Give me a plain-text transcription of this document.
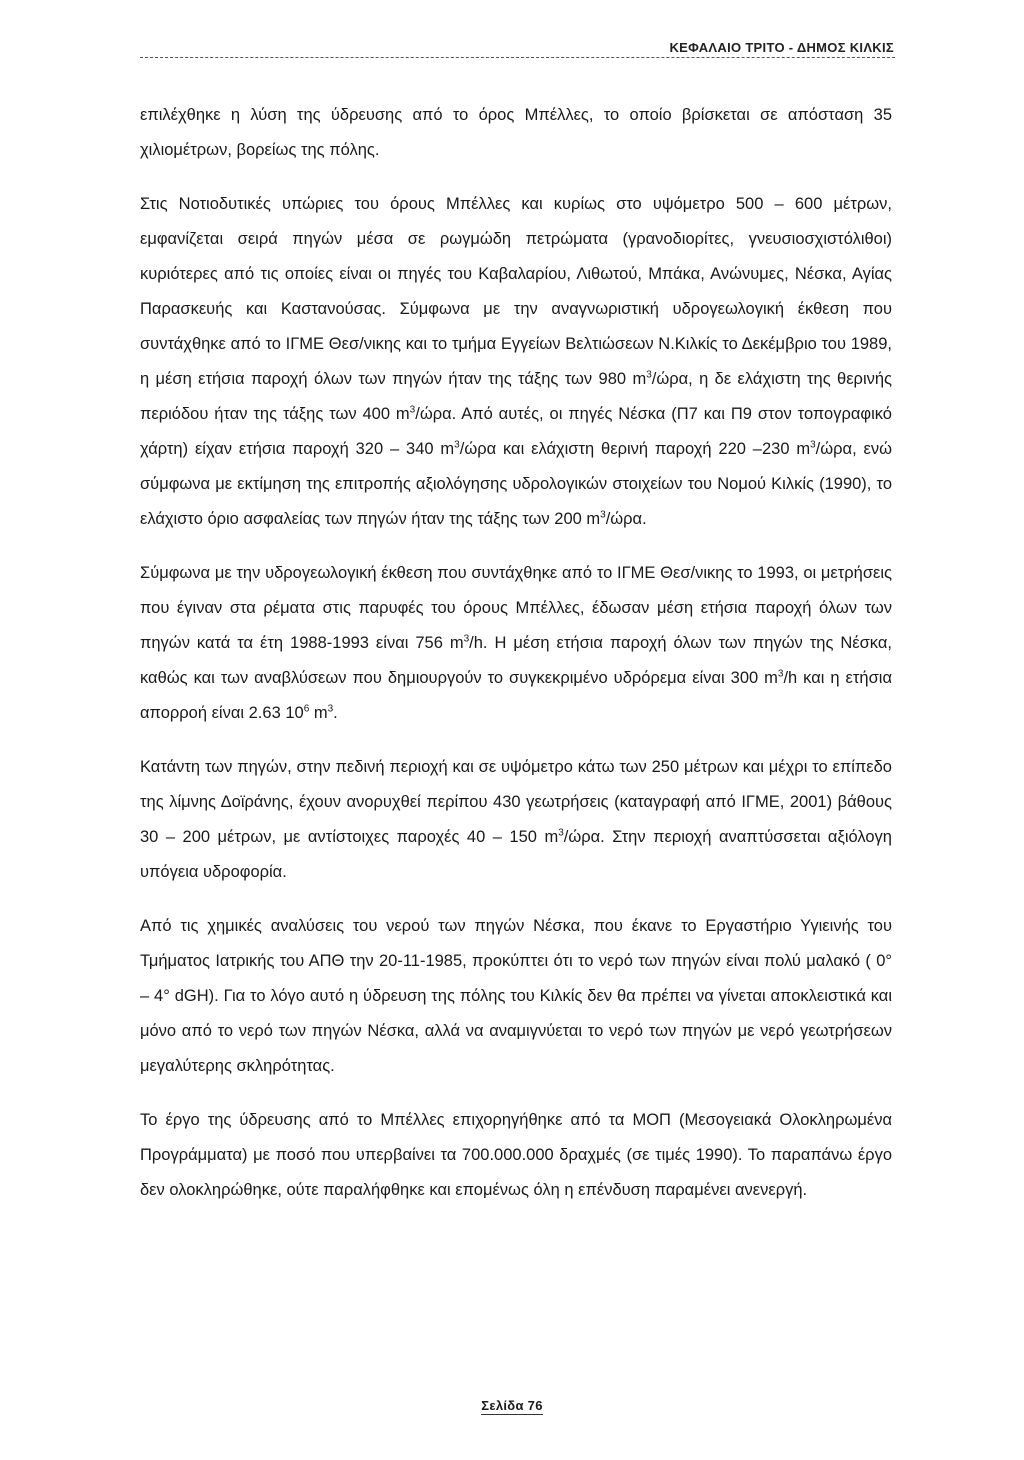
ΚΕΦΑΛΑΙΟ ΤΡΙΤΟ - ΔΗΜΟΣ ΚΙΛΚΙΣ

επιλέχθηκε η λύση της ύδρευσης από το όρος Μπέλλες, το οποίο βρίσκεται σε απόσταση 35 χιλιομέτρων, βορείως της πόλης.

Στις Νοτιοδυτικές υπώριες του όρους Μπέλλες και κυρίως στο υψόμετρο 500 – 600 μέτρων, εμφανίζεται σειρά πηγών μέσα σε ρωγμώδη πετρώματα (γρανοδιορίτες, γνευσιοσχιστόλιθοι) κυριότερες από τις οποίες είναι οι πηγές του Καβαλαρίου, Λιθωτού, Μπάκα, Ανώνυμες, Νέσκα, Αγίας Παρασκευής και Καστανούσας. Σύμφωνα με την αναγνωριστική υδρογεωλογική έκθεση που συντάχθηκε από το ΙΓΜΕ Θεσ/νικης και το τμήμα Εγγείων Βελτιώσεων Ν.Κιλκίς το Δεκέμβριο του 1989, η μέση ετήσια παροχή όλων των πηγών ήταν της τάξης των 980 $m^3$/ώρα, η δε ελάχιστη της θερινής περιόδου ήταν της τάξης των 400 $m^3$/ώρα. Από αυτές, οι πηγές Νέσκα (Π7 και Π9 στον τοπογραφικό χάρτη) είχαν ετήσια παροχή 320 – 340 $m^3$/ώρα και ελάχιστη θερινή παροχή 220 –230 $m^3$/ώρα, ενώ σύμφωνα με εκτίμηση της επιτροπής αξιολόγησης υδρολογικών στοιχείων του Νομού Κιλκίς (1990), το ελάχιστο όριο ασφαλείας των πηγών ήταν της τάξης των 200 $m^3$/ώρα.

Σύμφωνα με την υδρογεωλογική έκθεση που συντάχθηκε από το ΙΓΜΕ Θεσ/νικης το 1993, οι μετρήσεις που έγιναν στα ρέματα στις παρυφές του όρους Μπέλλες, έδωσαν μέση ετήσια παροχή όλων των πηγών κατά τα έτη 1988-1993 είναι 756 $m^3/h$. Η μέση ετήσια παροχή όλων των πηγών της Νέσκα, καθώς και των αναβλύσεων που δημιουργούν το συγκεκριμένο υδρόρεμα είναι 300 $m^3/h$ και η ετήσια απορροή είναι 2.63 $10^6$ $m^3$.

Κατάντη των πηγών, στην πεδινή περιοχή και σε υψόμετρο κάτω των 250 μέτρων και μέχρι το επίπεδο της λίμνης Δοϊράνης, έχουν ανορυχθεί περίπου 430 γεωτρήσεις (καταγραφή από ΙΓΜΕ, 2001) βάθους 30 – 200 μέτρων, με αντίστοιχες παροχές 40 – 150 $m^3$/ώρα. Στην περιοχή αναπτύσσεται αξιόλογη υπόγεια υδροφορία.

Από τις χημικές αναλύσεις του νερού των πηγών Νέσκα, που έκανε το Εργαστήριο Υγιεινής του Τμήματος Ιατρικής του ΑΠΘ την 20-11-1985, προκύπτει ότι το νερό των πηγών είναι πολύ μαλακό ( 0° – 4° dGH). Για το λόγο αυτό η ύδρευση της πόλης του Κιλκίς δεν θα πρέπει να γίνεται αποκλειστικά και μόνο από το νερό των πηγών Νέσκα, αλλά να αναμιγνύεται το νερό των πηγών με νερό γεωτρήσεων μεγαλύτερης σκληρότητας.

Το έργο της ύδρευσης από το Μπέλλες επιχορηγήθηκε από τα ΜΟΠ (Μεσογειακά Ολοκληρωμένα Προγράμματα) με ποσό που υπερβαίνει τα 700.000.000 δραχμές (σε τιμές 1990). Το παραπάνω έργο δεν ολοκληρώθηκε, ούτε παραλήφθηκε και επομένως όλη η επένδυση παραμένει ανενεργή.

Σελίδα 76
